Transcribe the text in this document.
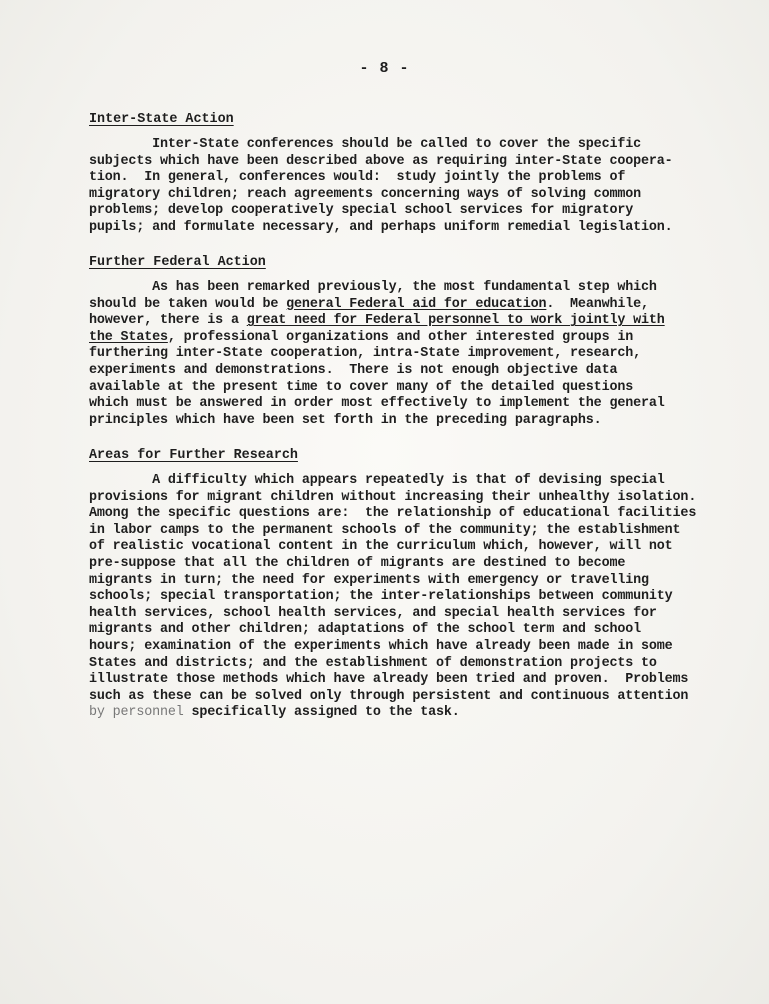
- 8 -
Inter-State Action
Inter-State conferences should be called to cover the specific
subjects which have been described above as requiring inter-State coopera-
tion.  In general, conferences would:  study jointly the problems of
migratory children; reach agreements concerning ways of solving common
problems; develop cooperatively special school services for migratory
pupils; and formulate necessary, and perhaps uniform remedial legislation.
Further Federal Action
As has been remarked previously, the most fundamental step which
should be taken would be general Federal aid for education.  Meanwhile,
however, there is a great need for Federal personnel to work jointly with
the States, professional organizations and other interested groups in
furthering inter-State cooperation, intra-State improvement, research,
experiments and demonstrations.  There is not enough objective data
available at the present time to cover many of the detailed questions
which must be answered in order most effectively to implement the general
principles which have been set forth in the preceding paragraphs.
Areas for Further Research
A difficulty which appears repeatedly is that of devising special
provisions for migrant children without increasing their unhealthy isolation.
Among the specific questions are:  the relationship of educational facilities
in labor camps to the permanent schools of the community; the establishment
of realistic vocational content in the curriculum which, however, will not
pre-suppose that all the children of migrants are destined to become
migrants in turn; the need for experiments with emergency or travelling
schools; special transportation; the inter-relationships between community
health services, school health services, and special health services for
migrants and other children; adaptations of the school term and school
hours; examination of the experiments which have already been made in some
States and districts; and the establishment of demonstration projects to
illustrate those methods which have already been tried and proven.  Problems
such as these can be solved only through persistent and continuous attention
by personnel specifically assigned to the task.
